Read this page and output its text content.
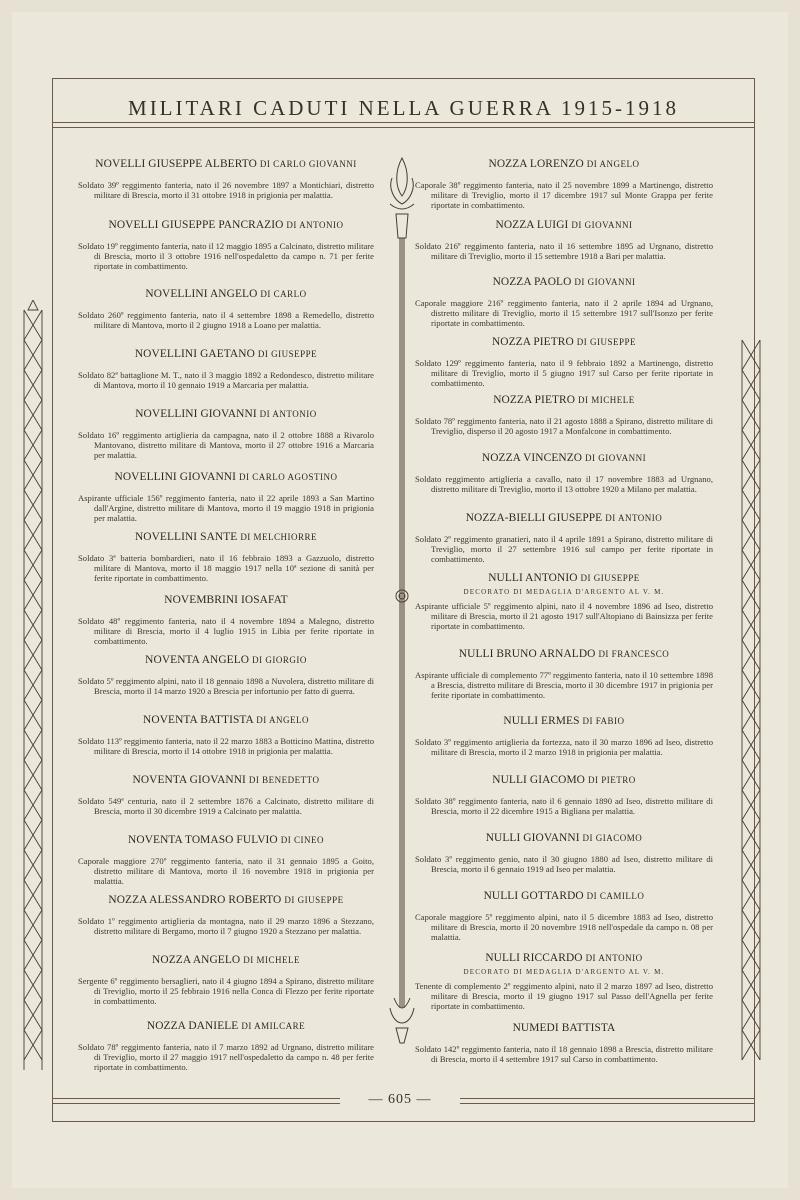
MILITARI CADUTI NELLA GUERRA 1915-1918
NOVELLI GIUSEPPE ALBERTO DI CARLO GIOVANNI
Soldato 39º reggimento fanteria, nato il 26 novembre 1897 a Montichiari, distretto militare di Brescia, morto il 31 ottobre 1918 in prigionia per malattia.
NOVELLI GIUSEPPE PANCRAZIO DI ANTONIO
Soldato 19º reggimento fanteria, nato il 12 maggio 1895 a Calcinato, distretto militare di Brescia, morto il 3 ottobre 1916 nell'ospedaletto da campo n. 71 per ferite riportate in combattimento.
NOVELLINI ANGELO DI CARLO
Soldato 260º reggimento fanteria, nato il 4 settembre 1898 a Remedello, distretto militare di Mantova, morto il 2 giugno 1918 a Loano per malattia.
NOVELLINI GAETANO DI GIUSEPPE
Soldato 82ª battaglione M. T., nato il 3 maggio 1892 a Redondesco, distretto militare di Mantova, morto il 10 gennaio 1919 a Marcaria per malattia.
NOVELLINI GIOVANNI DI ANTONIO
Soldato 16º reggimento artiglieria da campagna, nato il 2 ottobre 1888 a Rivarolo Mantovano, distretto militare di Mantova, morto il 27 ottobre 1916 a Marcaria per malattia.
NOVELLINI GIOVANNI DI CARLO AGOSTINO
Aspirante ufficiale 156º reggimento fanteria, nato il 22 aprile 1893 a San Martino dall'Argine, distretto militare di Mantova, morto il 19 maggio 1918 in prigionia per malattia.
NOVELLINI SANTE DI MELCHIORRE
Soldato 3ª batteria bombardieri, nato il 16 febbraio 1893 a Gazzuolo, distretto militare di Mantova, morto il 18 maggio 1917 nella 10ª sezione di sanità per ferite riportate in combattimento.
NOVEMBRINI IOSAFAT
Soldato 48º reggimento fanteria, nato il 4 novembre 1894 a Malegno, distretto militare di Brescia, morto il 4 luglio 1915 in Libia per ferite riportate in combattimento.
NOVENTA ANGELO DI GIORGIO
Soldato 5º reggimento alpini, nato il 18 gennaio 1898 a Nuvolera, distretto militare di Brescia, morto il 14 marzo 1920 a Brescia per infortunio per fatto di guerra.
NOVENTA BATTISTA DI ANGELO
Soldato 113º reggimento fanteria, nato il 22 marzo 1883 a Botticino Mattina, distretto militare di Brescia, morto il 14 ottobre 1918 in prigionia per malattia.
NOVENTA GIOVANNI DI BENEDETTO
Soldato 549ª centuria, nato il 2 settembre 1876 a Calcinato, distretto militare di Brescia, morto il 30 dicembre 1919 a Calcinato per malattia.
NOVENTA TOMASO FULVIO DI CINEO
Caporale maggiore 270º reggimento fanteria, nato il 31 gennaio 1895 a Goito, distretto militare di Mantova, morto il 16 novembre 1918 in prigionia per malattia.
NOZZA ALESSANDRO ROBERTO DI GIUSEPPE
Soldato 1º reggimento artiglieria da montagna, nato il 29 marzo 1896 a Stezzano, distretto militare di Bergamo, morto il 7 giugno 1920 a Stezzano per malattia.
NOZZA ANGELO DI MICHELE
Sergente 6º reggimento bersaglieri, nato il 4 giugno 1894 a Spirano, distretto militare di Treviglio, morto il 25 febbraio 1916 nella Conca di Flezzo per ferite riportate in combattimento.
NOZZA DANIELE DI AMILCARE
Soldato 78º reggimento fanteria, nato il 7 marzo 1892 ad Urgnano, distretto militare di Treviglio, morto il 27 maggio 1917 nell'ospedaletto da campo n. 48 per ferite riportate in combattimento.
NOZZA LORENZO DI ANGELO
Caporale 38º reggimento fanteria, nato il 25 novembre 1899 a Martinengo, distretto militare di Treviglio, morto il 17 dicembre 1917 sul Monte Grappa per ferite riportate in combattimento.
NOZZA LUIGI DI GIOVANNI
Soldato 216º reggimento fanteria, nato il 16 settembre 1895 ad Urgnano, distretto militare di Treviglio, morto il 15 settembre 1918 a Bari per malattia.
NOZZA PAOLO DI GIOVANNI
Caporale maggiore 216º reggimento fanteria, nato il 2 aprile 1894 ad Urgnano, distretto militare di Treviglio, morto il 15 settembre 1917 sull'Isonzo per ferite riportate in combattimento.
NOZZA PIETRO DI GIUSEPPE
Soldato 129º reggimento fanteria, nato il 9 febbraio 1892 a Martinengo, distretto militare di Treviglio, morto il 5 giugno 1917 sul Carso per ferite riportate in combattimento.
NOZZA PIETRO DI MICHELE
Soldato 78º reggimento fanteria, nato il 21 agosto 1888 a Spirano, distretto militare di Treviglio, disperso il 20 agosto 1917 a Monfalcone in combattimento.
NOZZA VINCENZO DI GIOVANNI
Soldato reggimento artiglieria a cavallo, nato il 17 novembre 1883 ad Urgnano, distretto militare di Treviglio, morto il 13 ottobre 1920 a Milano per malattia.
NOZZA-BIELLI GIUSEPPE DI ANTONIO
Soldato 2º reggimento granatieri, nato il 4 aprile 1891 a Spirano, distretto militare di Treviglio, morto il 27 settembre 1916 sul campo per ferite riportate in combattimento.
NULLI ANTONIO DI GIUSEPPE
DECORATO DI MEDAGLIA D'ARGENTO AL V. M.
Aspirante ufficiale 5º reggimento alpini, nato il 4 novembre 1896 ad Iseo, distretto militare di Brescia, morto il 21 agosto 1917 sull'Altopiano di Bainsizza per ferite riportate in combattimento.
NULLI BRUNO ARNALDO DI FRANCESCO
Aspirante ufficiale di complemento 77º reggimento fanteria, nato il 10 settembre 1898 a Brescia, distretto militare di Brescia, morto il 30 dicembre 1917 in prigionia per ferite riportate in combattimento.
NULLI ERMES DI FABIO
Soldato 3º reggimento artiglieria da fortezza, nato il 30 marzo 1896 ad Iseo, distretto militare di Brescia, morto il 2 marzo 1918 in prigionia per malattia.
NULLI GIACOMO DI PIETRO
Soldato 38º reggimento fanteria, nato il 6 gennaio 1890 ad Iseo, distretto militare di Brescia, morto il 22 dicembre 1915 a Bigliana per malattia.
NULLI GIOVANNI DI GIACOMO
Soldato 3º reggimento genio, nato il 30 giugno 1880 ad Iseo, distretto militare di Brescia, morto il 6 gennaio 1919 ad Iseo per malattia.
NULLI GOTTARDO DI CAMILLO
Caporale maggiore 5º reggimento alpini, nato il 5 dicembre 1883 ad Iseo, distretto militare di Brescia, morto il 20 novembre 1918 nell'ospedale da campo n. 08 per malattia.
NULLI RICCARDO DI ANTONIO
DECORATO DI MEDAGLIA D'ARGENTO AL V. M.
Tenente di complemento 2º reggimento alpini, nato il 2 marzo 1897 ad Iseo, distretto militare di Brescia, morto il 19 giugno 1917 sul Passo dell'Agnella per ferite riportate in combattimento.
NUMEDI BATTISTA
Soldato 142º reggimento fanteria, nato il 18 gennaio 1898 a Brescia, distretto militare di Brescia, morto il 4 settembre 1917 sul Carso in combattimento.
— 605 —
